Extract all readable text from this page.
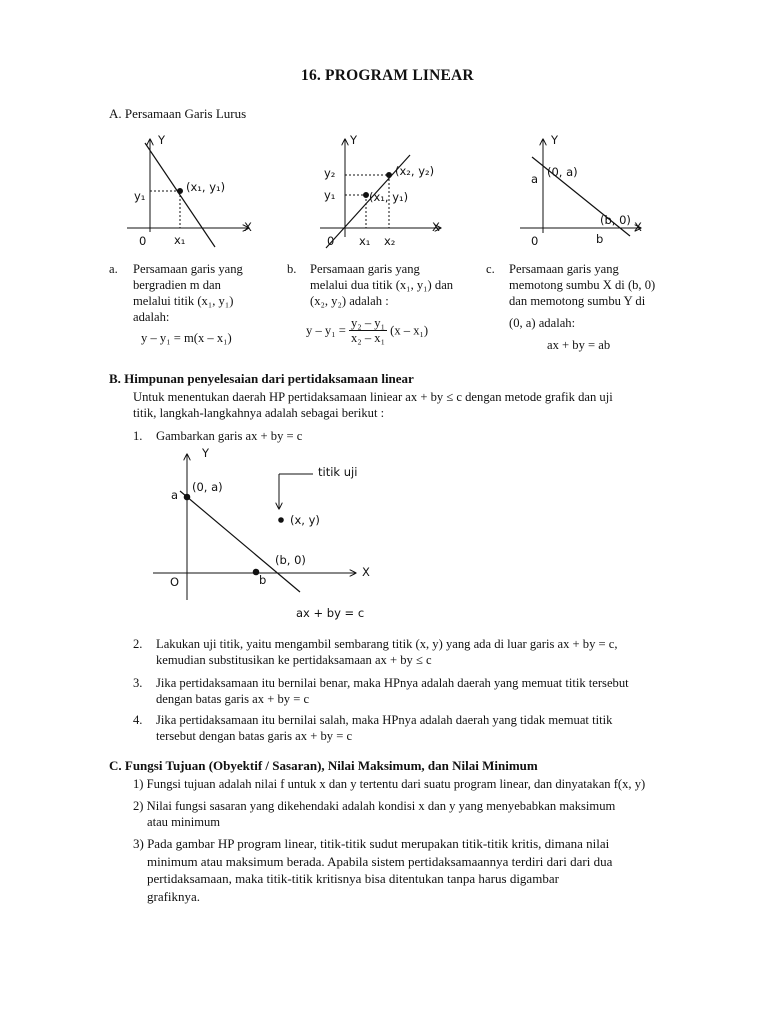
16. PROGRAM LINEAR
A. Persamaan Garis Lurus
Y
X
0
y₁
x₁
(x₁, y₁)
Y
X
0
y₂
y₁
x₁ x₂
(x₂, y₂)
(x₁, y₁)
Y
X
0
a
b
(0, a)
(b, 0)
a. Persamaan garis yang
bergradien m dan
melalui titik (x₁, y₁)
adalah:
y – y₁ = m(x – x₁)
b. Persamaan garis yang
melalui dua titik (x₁, y₁) dan
(x₂, y₂) adalah :
$y - y_1 = \frac{\text{y₂ – y₁}}{\text{x₂ – x₁}} (x - x_1)$
c. Persamaan garis yang
memotong sumbu X di (b, 0)
dan memotong sumbu Y di
(0, a) adalah:
ax + by = ab
B. Himpunan penyelesaian dari pertidaksamaan linear
Untuk menentukan daerah HP pertidaksamaan liniear ax + by ≤ c dengan metode grafik dan uji
titik, langkah-langkahnya adalah sebagai berikut :
1. Gambarkan garis ax + by = c
Y
X
O
a
b
(0, a)
(b, 0)
titik uji
(x, y)
ax + by = c
2. Lakukan uji titik, yaitu mengambil sembarang titik (x, y) yang ada di luar garis ax + by = c,
kemudian substitusikan ke pertidaksamaan ax + by ≤ c
3. Jika pertidaksamaan itu bernilai benar, maka HPnya adalah daerah yang memuat titik tersebut
dengan batas garis ax + by = c
4. Jika pertidaksamaan itu bernilai salah, maka HPnya adalah daerah yang tidak memuat titik
tersebut dengan batas garis ax + by = c
C. Fungsi Tujuan (Obyektif / Sasaran), Nilai Maksimum, dan Nilai Minimum
1) Fungsi tujuan adalah nilai f untuk x dan y tertentu dari suatu program linear, dan dinyatakan f(x, y)
2) Nilai fungsi sasaran yang dikehendaki adalah kondisi x dan y yang menyebabkan maksimum
atau minimum
3) Pada gambar HP program linear, titik-titik sudut merupakan titik-titik kritis, dimana nilai
minimum atau maksimum berada. Apabila sistem pertidaksamaannya terdiri dari dari dua
pertidaksamaan, maka titik-titik kritisnya bisa ditentukan tanpa harus digambar
grafiknya.
